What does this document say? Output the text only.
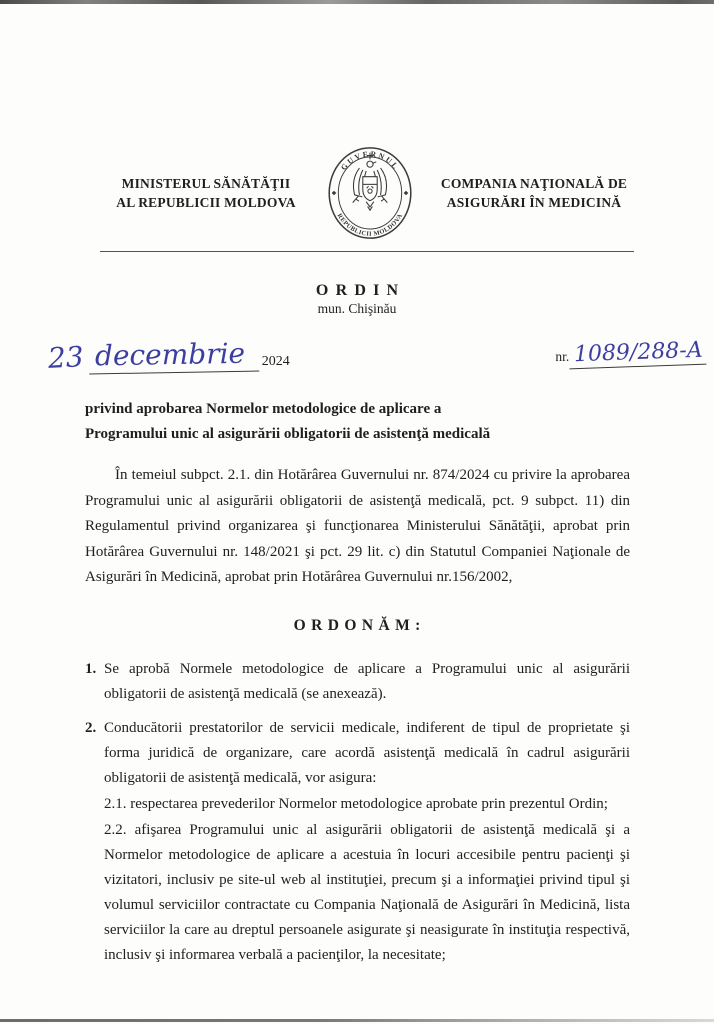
MINISTERUL SĂNĂTĂŢII
AL REPUBLICII MOLDOVA
GUVERNUL
REPUBLICII MOLDOVA
COMPANIA NAŢIONALĂ DE
ASIGURĂRI ÎN MEDICINĂ
ORDIN
mun. Chişinău
23 decembrie	2024	nr. 1089/288-A
privind aprobarea Normelor metodologice de aplicare a
Programului unic al asigurării obligatorii de asistenţă medicală

În temeiul subpct. 2.1. din Hotărârea Guvernului nr. 874/2024 cu privire la aprobarea Programului unic al asigurării obligatorii de asistenţă medicală, pct. 9 subpct. 11) din Regulamentul privind organizarea şi funcţionarea Ministerului Sănătăţii, aprobat prin Hotărârea Guvernului nr. 148/2021 şi pct. 29 lit. c) din Statutul Companiei Naţionale de Asigurări în Medicină, aprobat prin Hotărârea Guvernului nr.156/2002,

ORDONĂM:
1. Se aprobă Normele metodologice de aplicare a Programului unic al asigurării obligatorii de asistenţă medicală (se anexează).
2. Conducătorii prestatorilor de servicii medicale, indiferent de tipul de proprietate şi forma juridică de organizare, care acordă asistenţă medicală în cadrul asigurării obligatorii de asistenţă medicală, vor asigura:

2.1. respectarea prevederilor Normelor metodologice aprobate prin prezentul Ordin;

2.2. afişarea Programului unic al asigurării obligatorii de asistenţă medicală şi a Normelor metodologice de aplicare a acestuia în locuri accesibile pentru pacienţi şi vizitatori, inclusiv pe site-ul web al instituţiei, precum şi a informaţiei privind tipul şi volumul serviciilor contractate cu Compania Naţională de Asigurări în Medicină, lista serviciilor la care au dreptul persoanele asigurate şi neasigurate în instituţia respectivă, inclusiv şi informarea verbală a pacienţilor, la necesitate;
